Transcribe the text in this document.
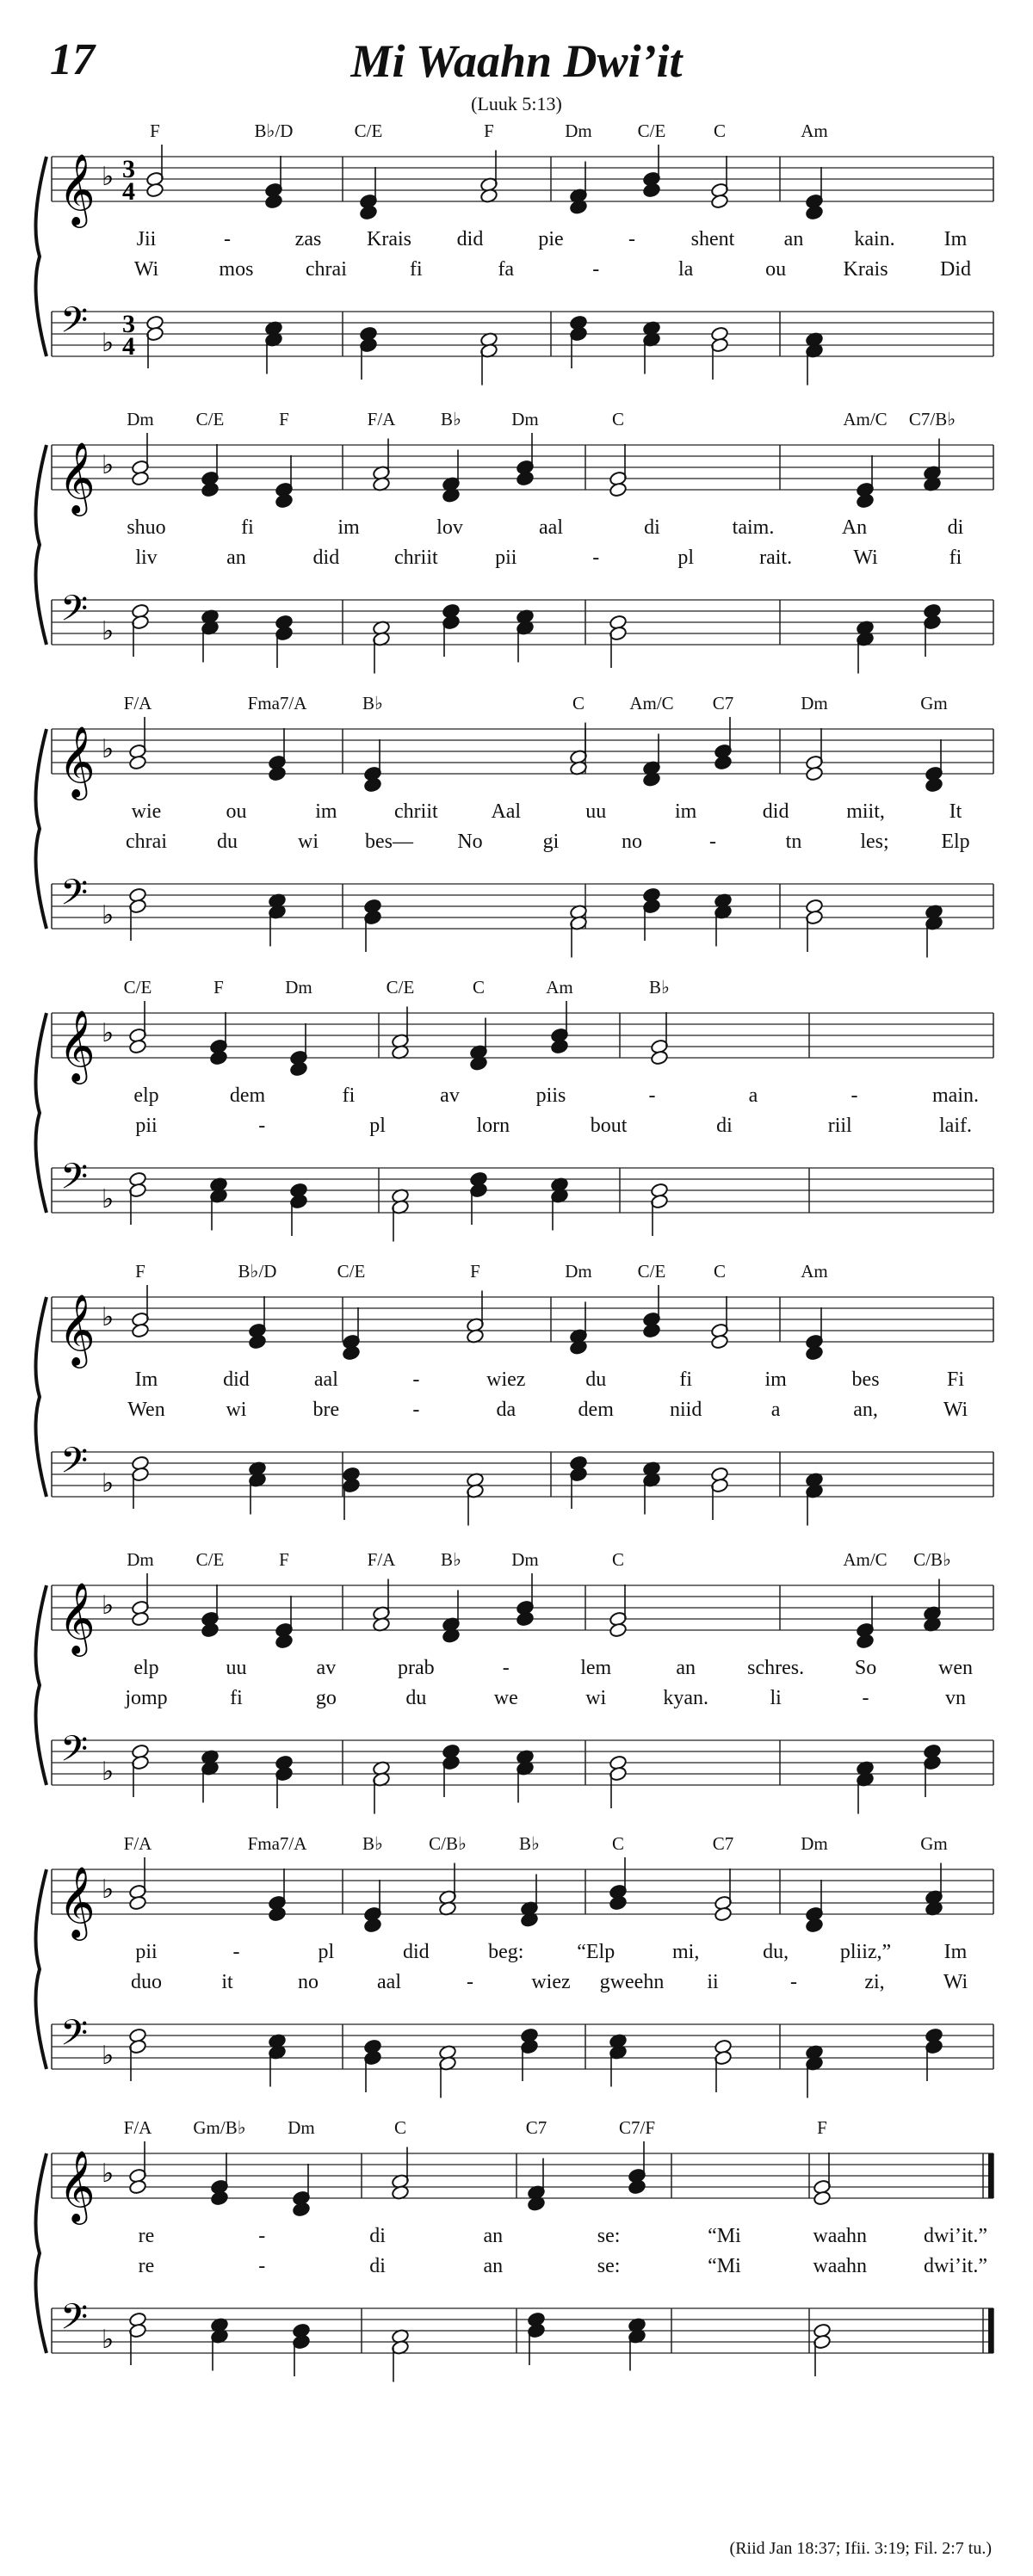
17	Mi Waahn Dwi’it
(Luuk 5:13)
𝄞
𝄢
♭
♭
3
4
3
4
F	B♭/D	C/E	F	Dm	C/E	C	Am
Jii	-	zas Krais did	pie	-	shent an kain. Im
Wi	mos	chrai	fi	fa	-	la	ou	Krais	Did
𝄞
𝄢
♭
♭
Dm C/E	F	F/A	B♭	Dm	C	Am/C C7/B♭
shuo	fi	im	lov	aal	di	taim.	An	di
liv	an	did	chriit	pii	-	pl	rait.	Wi	fi
𝄞
𝄢
♭
♭
F/A	Fma7/A	B♭	C Am/C C7	Dm	Gm
wie	ou	im	chriit	Aal	uu	im	did	miit,	It
chrai du	wi bes— No	gi	no	-	tn	les;	Elp
𝄞
𝄢
♭
♭
C/E	F	Dm	C/E	C	Am	B♭
elp	dem	fi	av	piis	-	a	-	main.
pii	-	pl	lorn	bout	di	riil	laif.
𝄞
𝄢
♭
♭
F	B♭/D	C/E	F	Dm	C/E	C	Am
Im	did	aal	-	wiez	du	fi	im	bes	Fi
Wen	wi	bre	-	da	dem	niid	a	an,	Wi
𝄞
𝄢
♭
♭
Dm C/E	F	F/A	B♭	Dm	C	Am/C C/B♭
elp	uu	av	prab	-	lem	an	schres. So	wen
jomp	fi	go	du	we	wi	kyan.	li	-	vn
𝄞
𝄢
♭
♭
F/A	Fma7/A	B♭	C/B♭	B♭	C	C7	Dm	Gm
pii	-	pl	did	beg:	“Elp	mi,	du, pliiz,”	Im
duo	it	no	aal	-	wiez gweehn ii	-	zi,	Wi
𝄞
𝄢
♭
♭
F/A Gm/B♭ Dm	C	C7	C7/F	F
re	-	di	an	se:	“Mi	waahn	dwi’it.”
re	-	di	an	se:	“Mi	waahn	dwi’it.”
(Riid Jan 18:37; Ifii. 3:19; Fil. 2:7 tu.)
